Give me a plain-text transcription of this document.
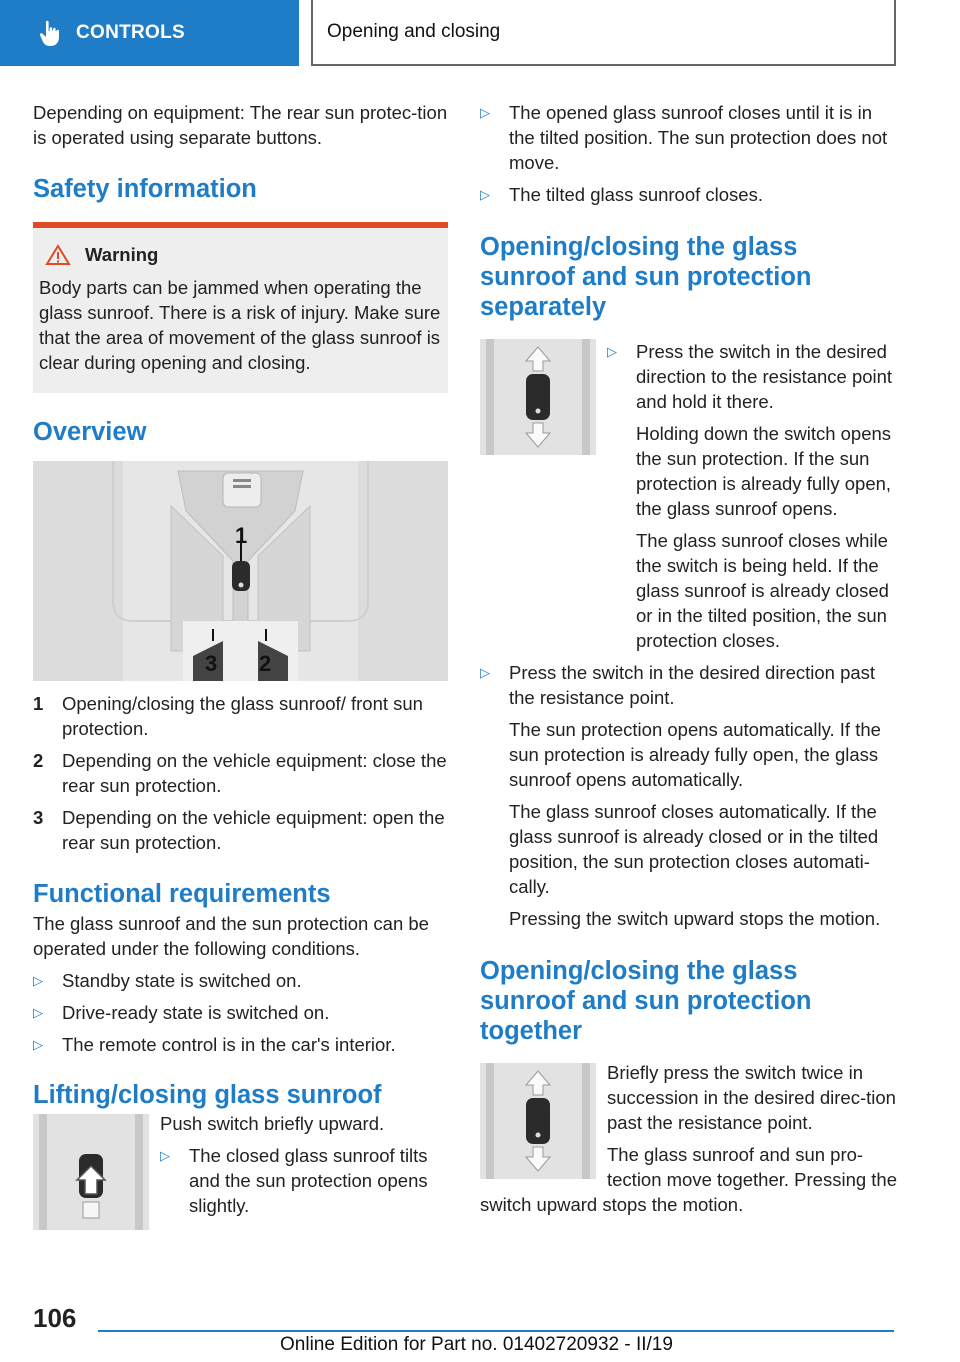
CONTROLS	Opening and closing

Depending on equipment: The rear sun protec‐tion is operated using separate buttons.

Safety information
Warning

Body parts can be jammed when operating the glass sunroof. There is a risk of injury. Make sure that the area of movement of the glass sunroof is clear during opening and closing.

Overview
1
3 2
1 Opening/closing the glass sunroof/ front sun protection.
2 Depending on the vehicle equipment: close the rear sun protection.
3 Depending on the vehicle equipment: open the rear sun protection.
Functional requirements

The glass sunroof and the sun protection can be operated under the following conditions.

▷ Standby state is switched on.
▷ Drive-ready state is switched on.
▷ The remote control is in the car's interior.
Lifting/closing glass sunroof

Push switch briefly upward.

▷ The closed glass sunroof tilts and the sun protection opens slightly.
▷ The opened glass sunroof closes until it is in the tilted position. The sun protection does not move.
▷ The tilted glass sunroof closes.
Opening/closing the glass sunroof and sun protection separately
▷ Press the switch in the desired direction to the resistance point and hold it there.
Holding down the switch opens the sun protection. If the sun protection is already fully open, the glass sunroof opens.
The glass sunroof closes while the switch is being held. If the glass sunroof is already closed or in the tilted position, the sun protection closes.
▷ Press the switch in the desired direction past the resistance point.
The sun protection opens automatically. If the sun protection is already fully open, the glass sunroof opens automatically.
The glass sunroof closes automatically. If the glass sunroof is already closed or in the tilted position, the sun protection closes automati‐cally.
Pressing the switch upward stops the motion.
Opening/closing the glass sunroof and sun protection together

Briefly press the switch twice in succession in the desired direc‐tion past the resistance point.

The glass sunroof and sun pro‐tection move together. Pressing the switch upward stops the motion.

106
Online Edition for Part no. 01402720932 - II/19
